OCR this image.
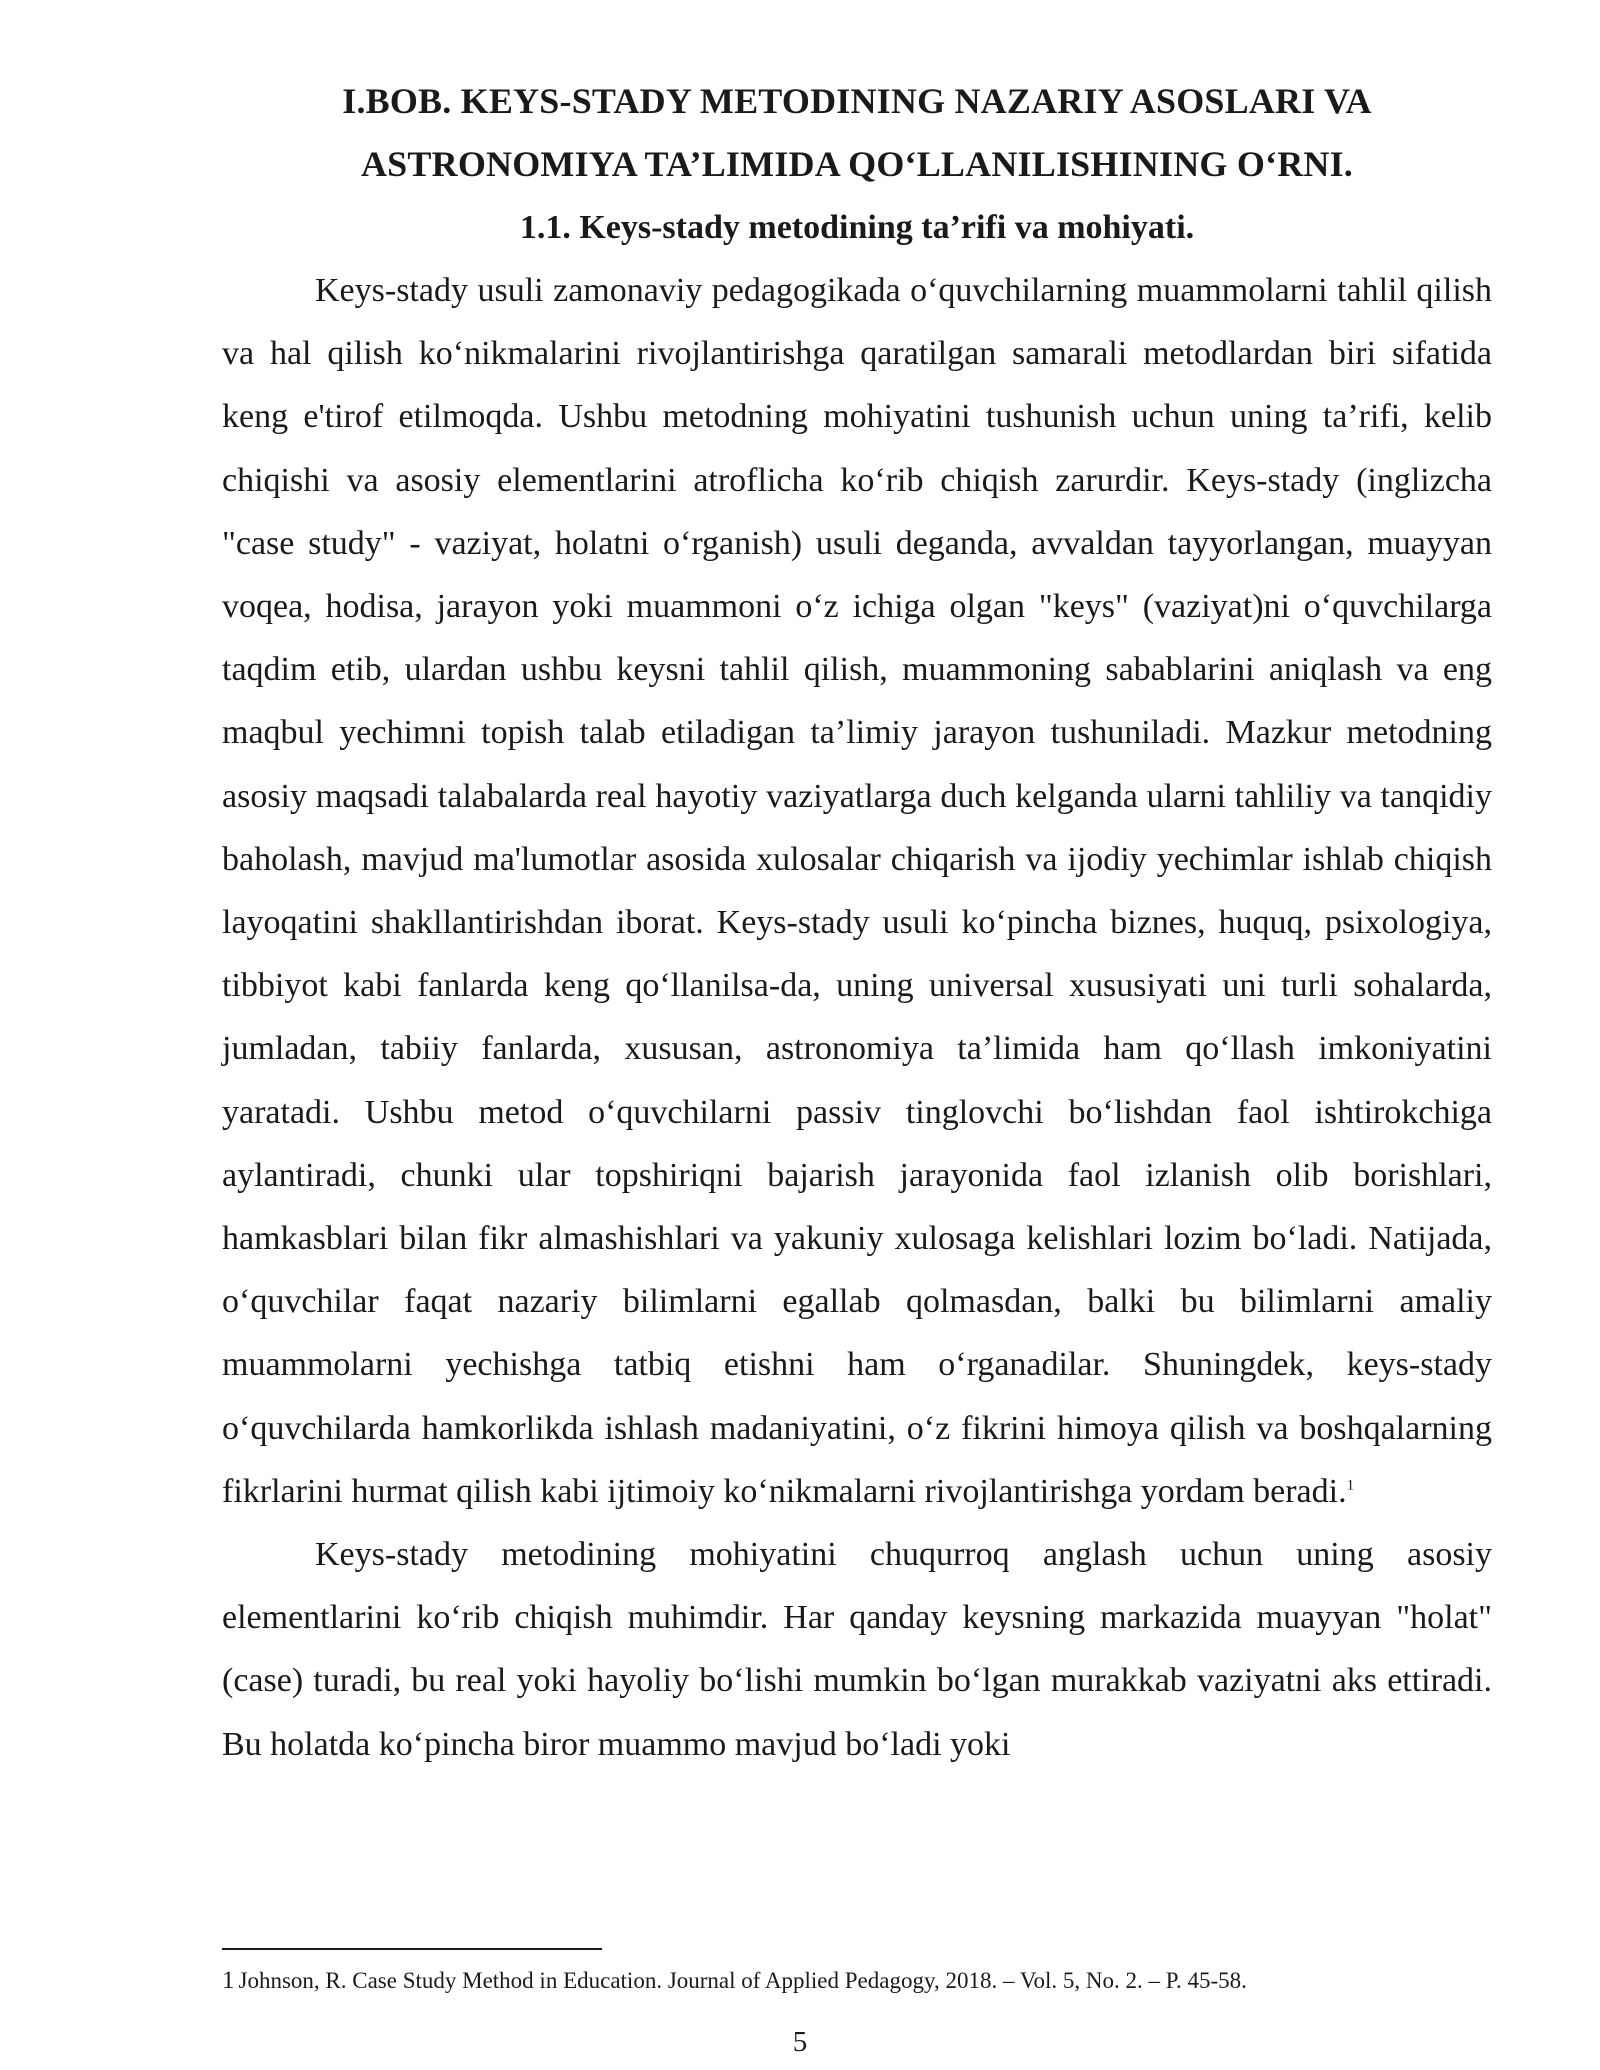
I.BOB. KEYS-STADY METODINING NAZARIY ASOSLARI VA
ASTRONOMIYA TA’LIMIDA QO‘LLANILISHINING O‘RNI.
1.1. Keys-stady metodining ta’rifi va mohiyati.

Keys-stady usuli zamonaviy pedagogikada o‘quvchilarning muammolarni tahlil qilish va hal qilish ko‘nikmalarini rivojlantirishga qaratilgan samarali metodlardan biri sifatida keng e'tirof etilmoqda. Ushbu metodning mohiyatini tushunish uchun uning ta’rifi, kelib chiqishi va asosiy elementlarini atroflicha ko‘rib chiqish zarurdir. Keys-stady (inglizcha "case study" - vaziyat, holatni o‘rganish) usuli deganda, avvaldan tayyorlangan, muayyan voqea, hodisa, jarayon yoki muammoni o‘z ichiga olgan "keys" (vaziyat)ni o‘quvchilarga taqdim etib, ulardan ushbu keysni tahlil qilish, muammoning sabablarini aniqlash va eng maqbul yechimni topish talab etiladigan ta’limiy jarayon tushuniladi. Mazkur metodning asosiy maqsadi talabalarda real hayotiy vaziyatlarga duch kelganda ularni tahliliy va tanqidiy baholash, mavjud ma'lumotlar asosida xulosalar chiqarish va ijodiy yechimlar ishlab chiqish layoqatini shakllantirishdan iborat. Keys-stady usuli ko‘pincha biznes, huquq, psixologiya, tibbiyot kabi fanlarda keng qo‘llanilsa-da, uning universal xususiyati uni turli sohalarda, jumladan, tabiiy fanlarda, xususan, astronomiya ta’limida ham qo‘llash imkoniyatini yaratadi. Ushbu metod o‘quvchilarni passiv tinglovchi bo‘lishdan faol ishtirokchiga aylantiradi, chunki ular topshiriqni bajarish jarayonida faol izlanish olib borishlari, hamkasblari bilan fikr almashishlari va yakuniy xulosaga kelishlari lozim bo‘ladi. Natijada, o‘quvchilar faqat nazariy bilimlarni egallab qolmasdan, balki bu bilimlarni amaliy muammolarni yechishga tatbiq etishni ham o‘rganadilar. Shuningdek, keys-stady o‘quvchilarda hamkorlikda ishlash madaniyatini, o‘z fikrini himoya qilish va boshqalarning fikrlarini hurmat qilish kabi ijtimoiy ko‘nikmalarni rivojlantirishga yordam beradi.$^1$

Keys-stady metodining mohiyatini chuqurroq anglash uchun uning asosiy elementlarini ko‘rib chiqish muhimdir. Har qanday keysning markazida muayyan "holat" (case) turadi, bu real yoki hayoliy bo‘lishi mumkin bo‘lgan murakkab vaziyatni aks ettiradi. Bu holatda ko‘pincha biror muammo mavjud bo‘ladi yoki

1 Johnson, R. Case Study Method in Education. Journal of Applied Pedagogy, 2018. – Vol. 5, No. 2. – P. 45-58.
5
